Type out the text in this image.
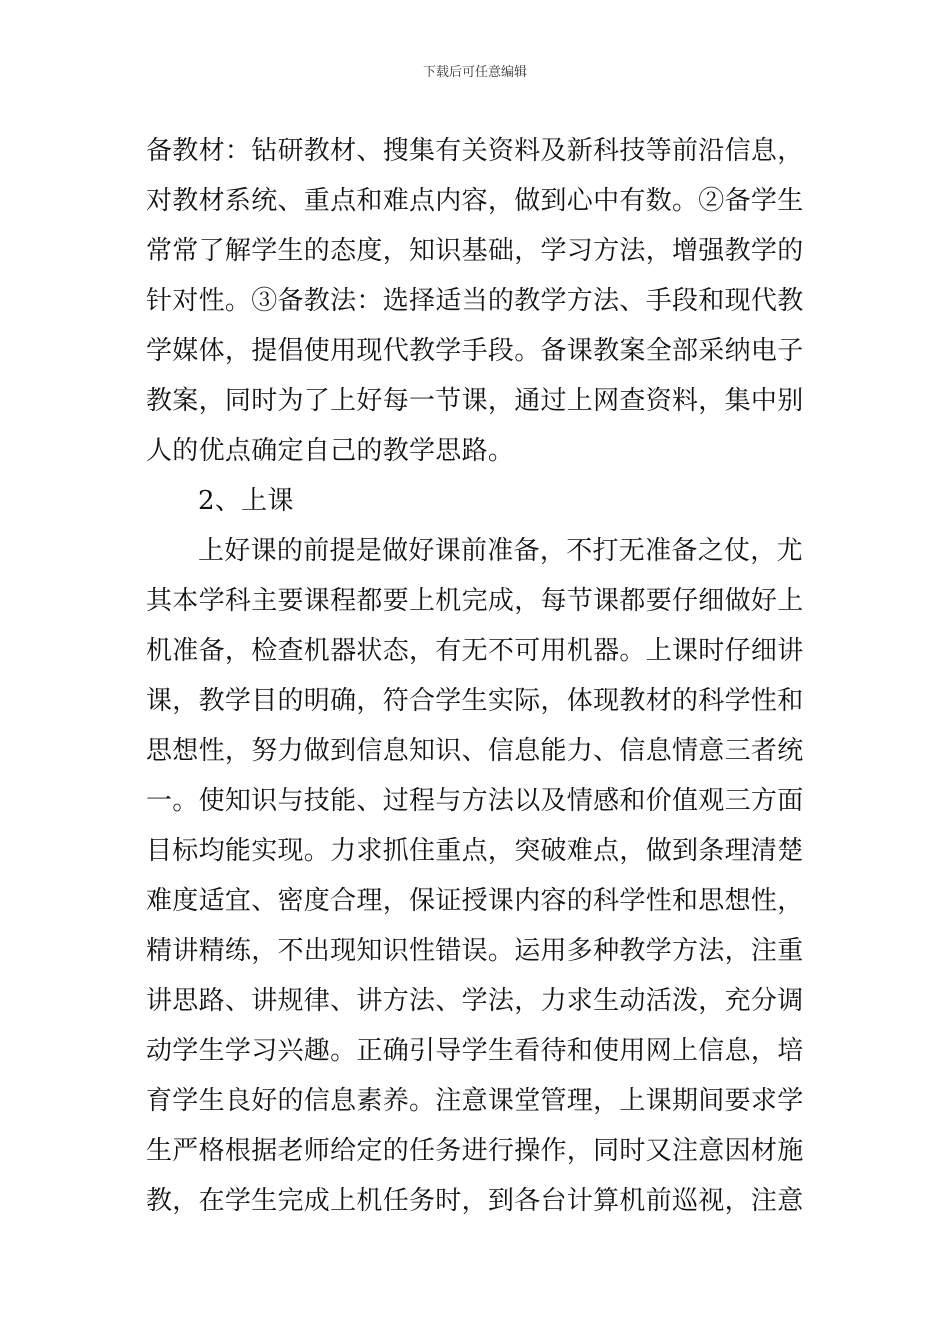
下载后可任意编辑
备教材：钻研教材、搜集有关资料及新科技等前沿信息，
对教材系统、重点和难点内容，做到心中有数。②备学生
常常了解学生的态度，知识基础，学习方法，增强教学的
针对性。③备教法：选择适当的教学方法、手段和现代教
学媒体，提倡使用现代教学手段。备课教案全部采纳电子
教案，同时为了上好每一节课，通过上网查资料，集中别
人的优点确定自己的教学思路。
2、上课
上好课的前提是做好课前准备，不打无准备之仗，尤
其本学科主要课程都要上机完成，每节课都要仔细做好上
机准备，检查机器状态，有无不可用机器。上课时仔细讲
课，教学目的明确，符合学生实际，体现教材的科学性和
思想性，努力做到信息知识、信息能力、信息情意三者统
一。使知识与技能、过程与方法以及情感和价值观三方面
目标均能实现。力求抓住重点，突破难点，做到条理清楚
难度适宜、密度合理，保证授课内容的科学性和思想性，
精讲精练，不出现知识性错误。运用多种教学方法，注重
讲思路、讲规律、讲方法、学法，力求生动活泼，充分调
动学生学习兴趣。正确引导学生看待和使用网上信息，培
育学生良好的信息素养。注意课堂管理，上课期间要求学
生严格根据老师给定的任务进行操作，同时又注意因材施
教，在学生完成上机任务时，到各台计算机前巡视，注意
